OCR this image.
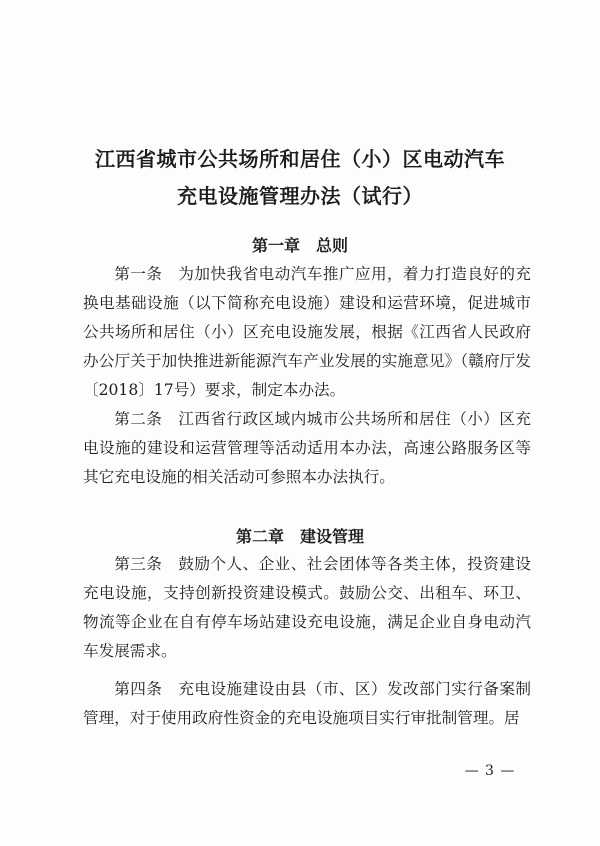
江西省城市公共场所和居住（小）区电动汽车
充电设施管理办法（试行）
第一章　总则

第一条　为加快我省电动汽车推广应用，着力打造良好的充换电基础设施（以下简称充电设施）建设和运营环境，促进城市公共场所和居住（小）区充电设施发展，根据《江西省人民政府办公厅关于加快推进新能源汽车产业发展的实施意见》（赣府厅发〔2018〕17号）要求，制定本办法。

第二条　江西省行政区域内城市公共场所和居住（小）区充电设施的建设和运营管理等活动适用本办法，高速公路服务区等其它充电设施的相关活动可参照本办法执行。

第二章　建设管理

第三条　鼓励个人、企业、社会团体等各类主体，投资建设充电设施，支持创新投资建设模式。鼓励公交、出租车、环卫、物流等企业在自有停车场站建设充电设施，满足企业自身电动汽车发展需求。

第四条　充电设施建设由县（市、区）发改部门实行备案制管理，对于使用政府性资金的充电设施项目实行审批制管理。居

— 3 —
